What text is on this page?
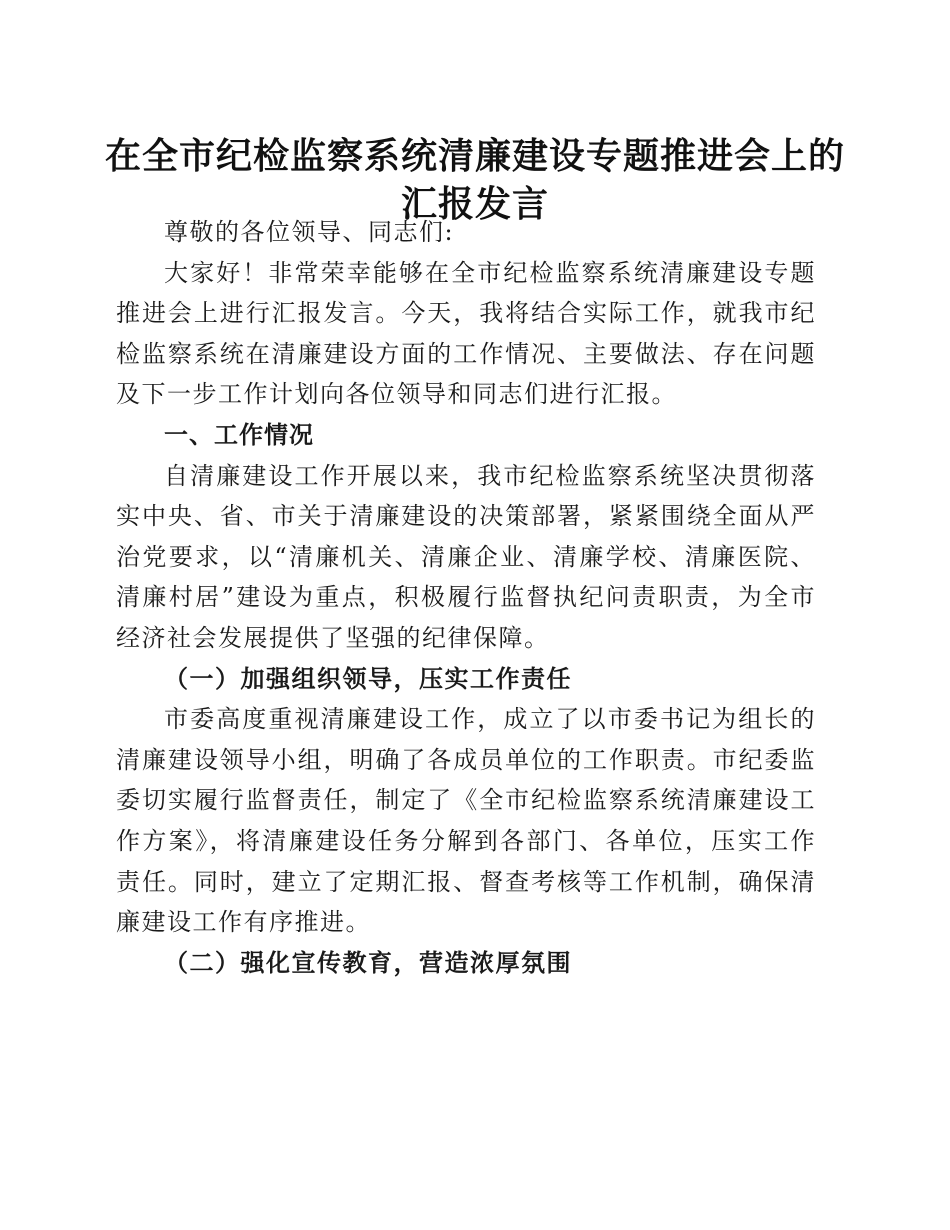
在全市纪检监察系统清廉建设专题推进会上的
汇报发言

尊敬的各位领导、同志们:

大家好！非常荣幸能够在全市纪检监察系统清廉建设专题推进会上进行汇报发言。今天，我将结合实际工作，就我市纪检监察系统在清廉建设方面的工作情况、主要做法、存在问题及下一步工作计划向各位领导和同志们进行汇报。

一、工作情况

自清廉建设工作开展以来，我市纪检监察系统坚决贯彻落实中央、省、市关于清廉建设的决策部署，紧紧围绕全面从严治党要求，以“清廉机关、清廉企业、清廉学校、清廉医院、清廉村居”建设为重点，积极履行监督执纪问责职责，为全市经济社会发展提供了坚强的纪律保障。

（一）加强组织领导，压实工作责任

市委高度重视清廉建设工作，成立了以市委书记为组长的清廉建设领导小组，明确了各成员单位的工作职责。市纪委监委切实履行监督责任，制定了《全市纪检监察系统清廉建设工作方案》，将清廉建设任务分解到各部门、各单位，压实工作责任。同时，建立了定期汇报、督查考核等工作机制，确保清廉建设工作有序推进。

（二）强化宣传教育，营造浓厚氛围
